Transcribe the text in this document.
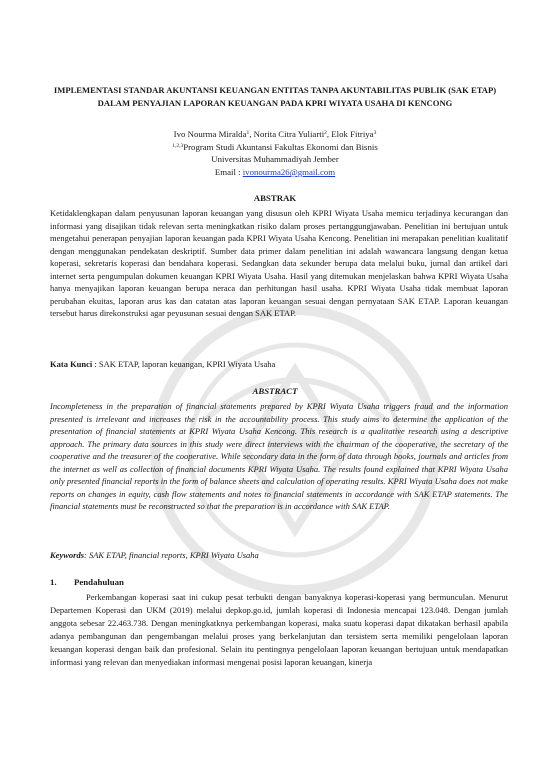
IMPLEMENTASI STANDAR AKUNTANSI KEUANGAN ENTITAS TANPA AKUNTABILITAS PUBLIK (SAK ETAP) DALAM PENYAJIAN LAPORAN KEUANGAN PADA KPRI WIYATA USAHA DI KENCONG
Ivo Nourma Miralda$^1$, Norita Citra Yuliarti$^2$, Elok Fitriya$^3$
$^{1,2,3}$Program Studi Akuntansi Fakultas Ekonomi dan Bisnis
Universitas Muhammadiyah Jember
Email : ivonourma26@gmail.com
ABSTRAK
Ketidaklengkapan dalam penyusunan laporan keuangan yang disusun oleh KPRI Wiyata Usaha memicu terjadinya kecurangan dan informasi yang disajikan tidak relevan serta meningkatkan risiko dalam proses pertanggungjawaban. Penelitian ini bertujuan untuk mengetahui penerapan penyajian laporan keuangan pada KPRI Wiyata Usaha Kencong. Penelitian ini merapakan penelitian kualitatif dengan menggunakan pendekatan deskriptif. Sumber data primer dalam penelitian ini adalah wawancara langsung dengan ketua koperasi, sekretaris koperasi dan bendahara koperasi. Sedangkan data sekunder berupa data melalui buku, jurnal dan artikel dari internet serta pengumpulan dokumen keuangan KPRI Wiyata Usaha. Hasil yang ditemukan menjelaskan bahwa KPRI Wiyata Usaha hanya menyajikan laporan keuangan berupa neraca dan perhitungan hasil usaha. KPRI Wiyata Usaha tidak membuat laporan perubahan ekuitas, laporan arus kas dan catatan atas laporan keuangan sesuai dengan pernyataan SAK ETAP. Laporan keuangan tersebut harus direkonstruksi agar peyusunan sesuai dengan SAK ETAP.
Kata Kunci : SAK ETAP, laporan keuangan, KPRI Wiyata Usaha
ABSTRACT
Incompleteness in the preparation of financial statements prepared by KPRI Wiyata Usaha triggers fraud and the information presented is irrelevant and increases the risk in the accountability process. This study aims to determine the application of the presentation of financial statements at KPRI Wiyata Usaha Kencong. This research is a qualitative research using a descriptive approach. The primary data sources in this study were direct interviews with the chairman of the cooperative, the secretary of the cooperative and the treasurer of the cooperative. While secondary data in the form of data through books, journals and articles from the internet as well as collection of financial documents KPRI Wiyata Usaha. The results found explained that KPRI Wiyata Usaha only presented financial reports in the form of balance sheets and calculation of operating results. KPRI Wiyata Usaha does not make reports on changes in equity, cash flow statements and notes to financial statements in accordance with SAK ETAP statements. The financial statements must be reconstructed so that the preparation is in accordance with SAK ETAP.
Keywords: SAK ETAP, financial reports, KPRI Wiyata Usaha
1. Pendahuluan
Perkembangan koperasi saat ini cukup pesat terbukti dengan banyaknya koperasi-koperasi yang bermunculan. Menurut Departemen Koperasi dan UKM (2019) melalui depkop.go.id, jumlah koperasi di Indonesia mencapai 123.048. Dengan jumlah anggota sebesar 22.463.738. Dengan meningkatknya perkembangan koperasi, maka suatu koperasi dapat dikatakan berhasil apabila adanya pembangunan dan pengembangan melalui proses yang berkelanjutan dan tersistem serta memiliki pengelolaan laporan keuangan koperasi dengan baik dan profesional. Selain itu pentingnya pengelolaan laporan keuangan bertujuan untuk mendapatkan informasi yang relevan dan menyediakan informasi mengenai posisi laporan keuangan, kinerja
